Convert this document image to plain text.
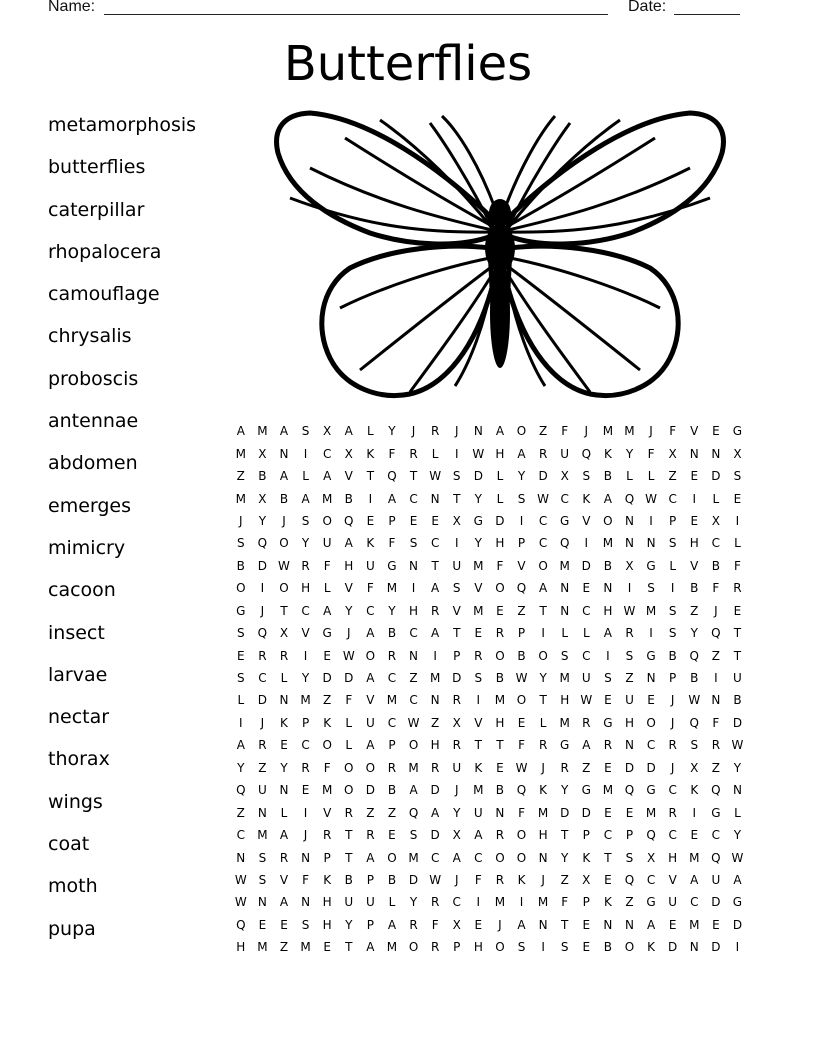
Name:	Date:
Butterflies
metamorphosis
butterflies
caterpillar
rhopalocera
camouflage
chrysalis
proboscis
antennae
abdomen
emerges
mimicry
cacoon
insect
larvae
nectar
thorax
wings
coat
moth
pupa
A	M	A	S	X	A	L	Y	J	R	J	N	A	O	Z	F	J	M M	J	F	V	E	G
M	X	N	I	C	X	K	F	R	L	I	W H	A	R	U	Q	K	Y	F	X	N	N	X
Z	B	A	L	A	V	T	Q	T W S	D	L	Y	D	X	S	B	L	L	Z	E	D	S
M	X	B	A	M	B	I	A	C	N	T	Y	L	S W C	K	A	Q W C	I	L	E
J	Y	J	S	O	Q	E	P	E	E	X	G	D	I	C	G	V	O	N	I	P	E	X	I
S	Q	O	Y	U	A	K	F	S	C	I	Y	H	P	C	Q	I	M N	N	S	H	C	L
B	D W R	F	H	U	G	N	T	U	M	F	V	O M D	B	X	G	L	V	B	F
O	I	O	H	L	V	F	M	I	A	S	V	O	Q	A	N	E	N	I	S	I	B	F	R
G	J	T	C	A	Y	C	Y	H	R	V	M	E	Z	T	N	C	H W M	S	Z	J	E
S	Q	X	V	G	J	A	B	C	A	T	E	R	P	I	L	L	A	R	I	S	Y	Q	T
E	R	R	I	E W O	R	N	I	P	R	O	B	O	S	C	I	S	G	B	Q	Z	T
S	C	L	Y	D	D	A	C	Z	M D	S	B W Y	M	U	S	Z	N	P	B	I	U
L	D	N M	Z	F	V	M	C	N	R	I	M O	T	H W E	U	E	J	W N	B
I	J	K	P	K	L	U	C W Z	X	V	H	E	L	M	R	G	H	O	J	Q	F	D
A	R	E	C	O	L	A	P	O	H	R	T	T	F	R	G	A	R	N	C	R	S	R W
Y	Z	Y	R	F	O	O	R	M	R	U	K	E W	J	R	Z	E	D	D	J	X	Z	Y
Q	U	N	E	M O	D	B	A	D	J	M	B	Q	K	Y	G M Q	G	C	K	Q	N
Z	N	L	I	V	R	Z	Z	Q	A	Y	U	N	F	M D	D	E	E	M	R	I	G	L
C	M	A	J	R	T	R	E	S	D	X	A	R	O	H	T	P	C	P	Q	C	E	C	Y
N	S	R	N	P	T	A	O M	C	A	C	O	O	N	Y	K	T	S	X	H M Q W
W S	V	F	K	B	P	B	D W	J	F	R	K	J	Z	X	E	Q	C	V	A	U	A
W N	A	N	H	U	U	L	Y	R	C	I	M	I	M	F	P	K	Z	G	U	C	D	G
Q	E	E	S	H	Y	P	A	R	F	X	E	J	A	N	T	E	N	N	A	E	M	E	D
H M	Z	M	E	T	A	M O	R	P	H	O	S	I	S	E	B	O	K	D	N	D	I
